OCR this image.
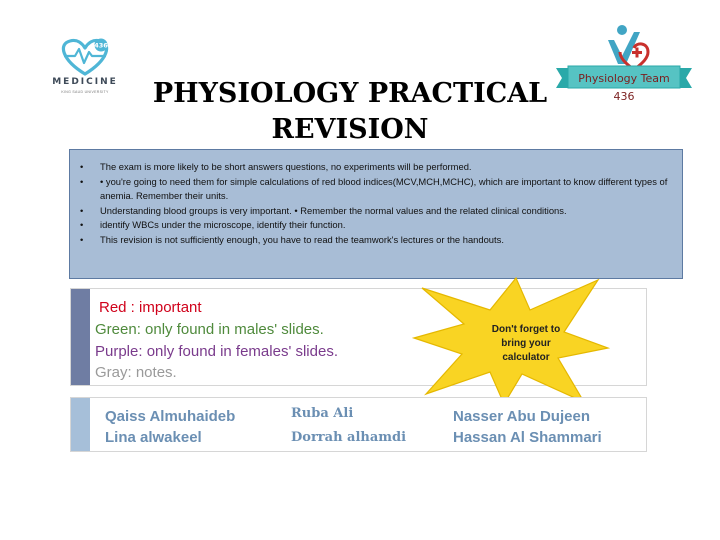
436
MEDICINE
KING SAUD UNIVERSITY
Physiology Team 436
PHYSIOLOGY PRACTICAL REVISION
• The exam is more likely to be short answers questions, no experiments will be performed.
• • you're going to need them for simple calculations of red blood indices(MCV,MCH,MCHC), which are important to know different types of anemia. Remember their units.
• Understanding blood groups is very important. • Remember the normal values and the related clinical conditions.
• identify WBCs under the microscope, identify their function.
• This revision is not sufficiently enough, you have to read the teamwork's lectures or the handouts.
Red : important
Green: only found in males' slides.
Purple: only found in females' slides.
Gray: notes.
Don't forget to bring your calculator
Qaiss Almuhaideb
Lina alwakeel
Ruba Ali
Dorrah alhamdi
Nasser Abu Dujeen
Hassan Al Shammari
